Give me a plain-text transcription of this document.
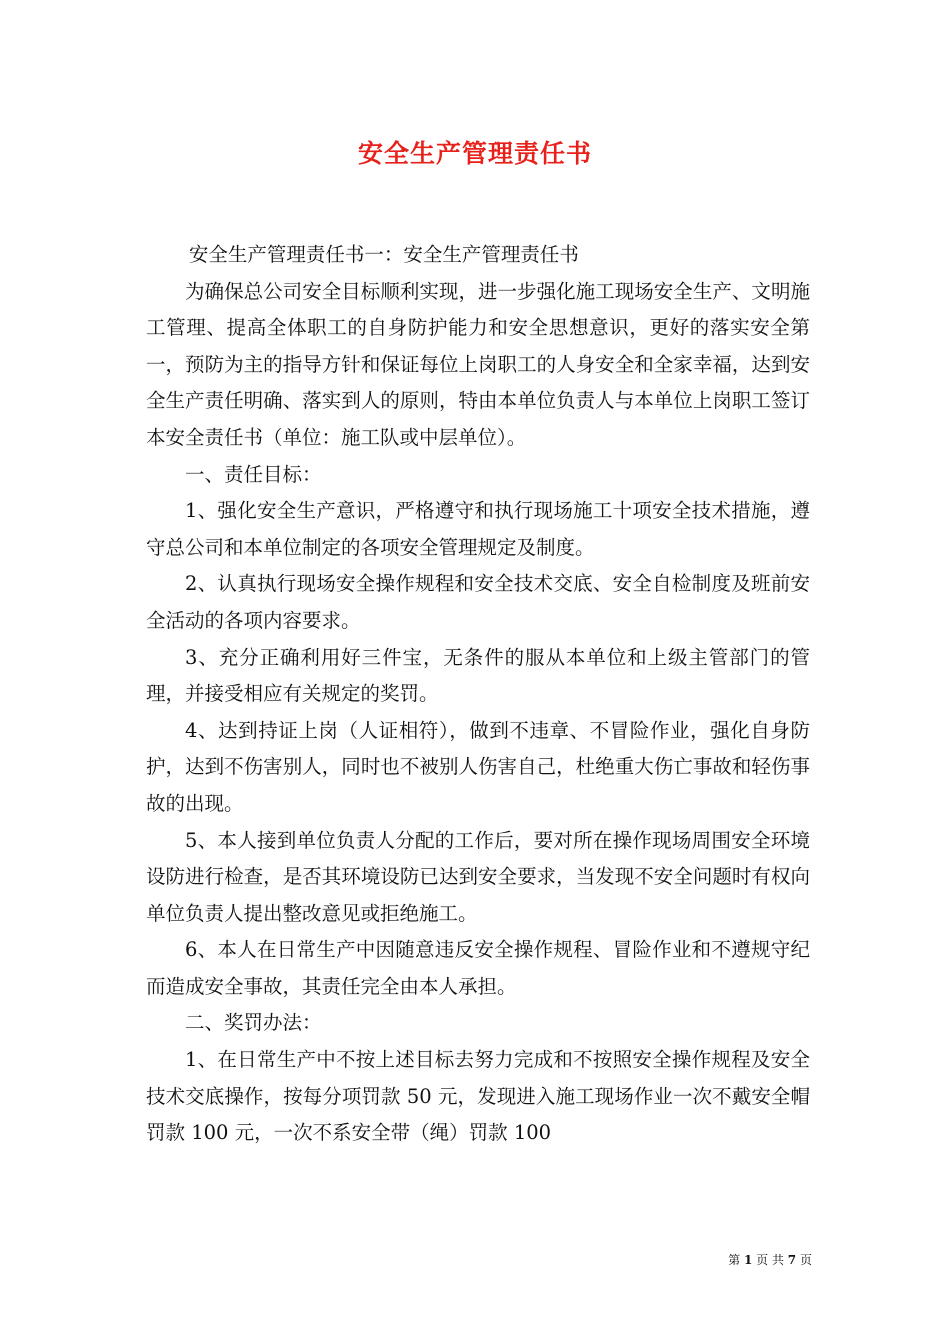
安全生产管理责任书

安全生产管理责任书一：安全生产管理责任书

为确保总公司安全目标顺利实现，进一步强化施工现场安全生产、文明施工管理、提高全体职工的自身防护能力和安全思想意识，更好的落实安全第一，预防为主的指导方针和保证每位上岗职工的人身安全和全家幸福，达到安全生产责任明确、落实到人的原则，特由本单位负责人与本单位上岗职工签订本安全责任书（单位：施工队或中层单位）。

一、责任目标：

1、强化安全生产意识，严格遵守和执行现场施工十项安全技术措施，遵守总公司和本单位制定的各项安全管理规定及制度。

2、认真执行现场安全操作规程和安全技术交底、安全自检制度及班前安全活动的各项内容要求。

3、充分正确利用好三件宝，无条件的服从本单位和上级主管部门的管理，并接受相应有关规定的奖罚。

4、达到持证上岗（人证相符），做到不违章、不冒险作业，强化自身防护，达到不伤害别人，同时也不被别人伤害自己，杜绝重大伤亡事故和轻伤事故的出现。

5、本人接到单位负责人分配的工作后，要对所在操作现场周围安全环境设防进行检查，是否其环境设防已达到安全要求，当发现不安全问题时有权向单位负责人提出整改意见或拒绝施工。

6、本人在日常生产中因随意违反安全操作规程、冒险作业和不遵规守纪而造成安全事故，其责任完全由本人承担。

二、奖罚办法：

1、在日常生产中不按上述目标去努力完成和不按照安全操作规程及安全技术交底操作，按每分项罚款 50 元，发现进入施工现场作业一次不戴安全帽罚款 100 元，一次不系安全带（绳）罚款 100

第 1 页 共 7 页
